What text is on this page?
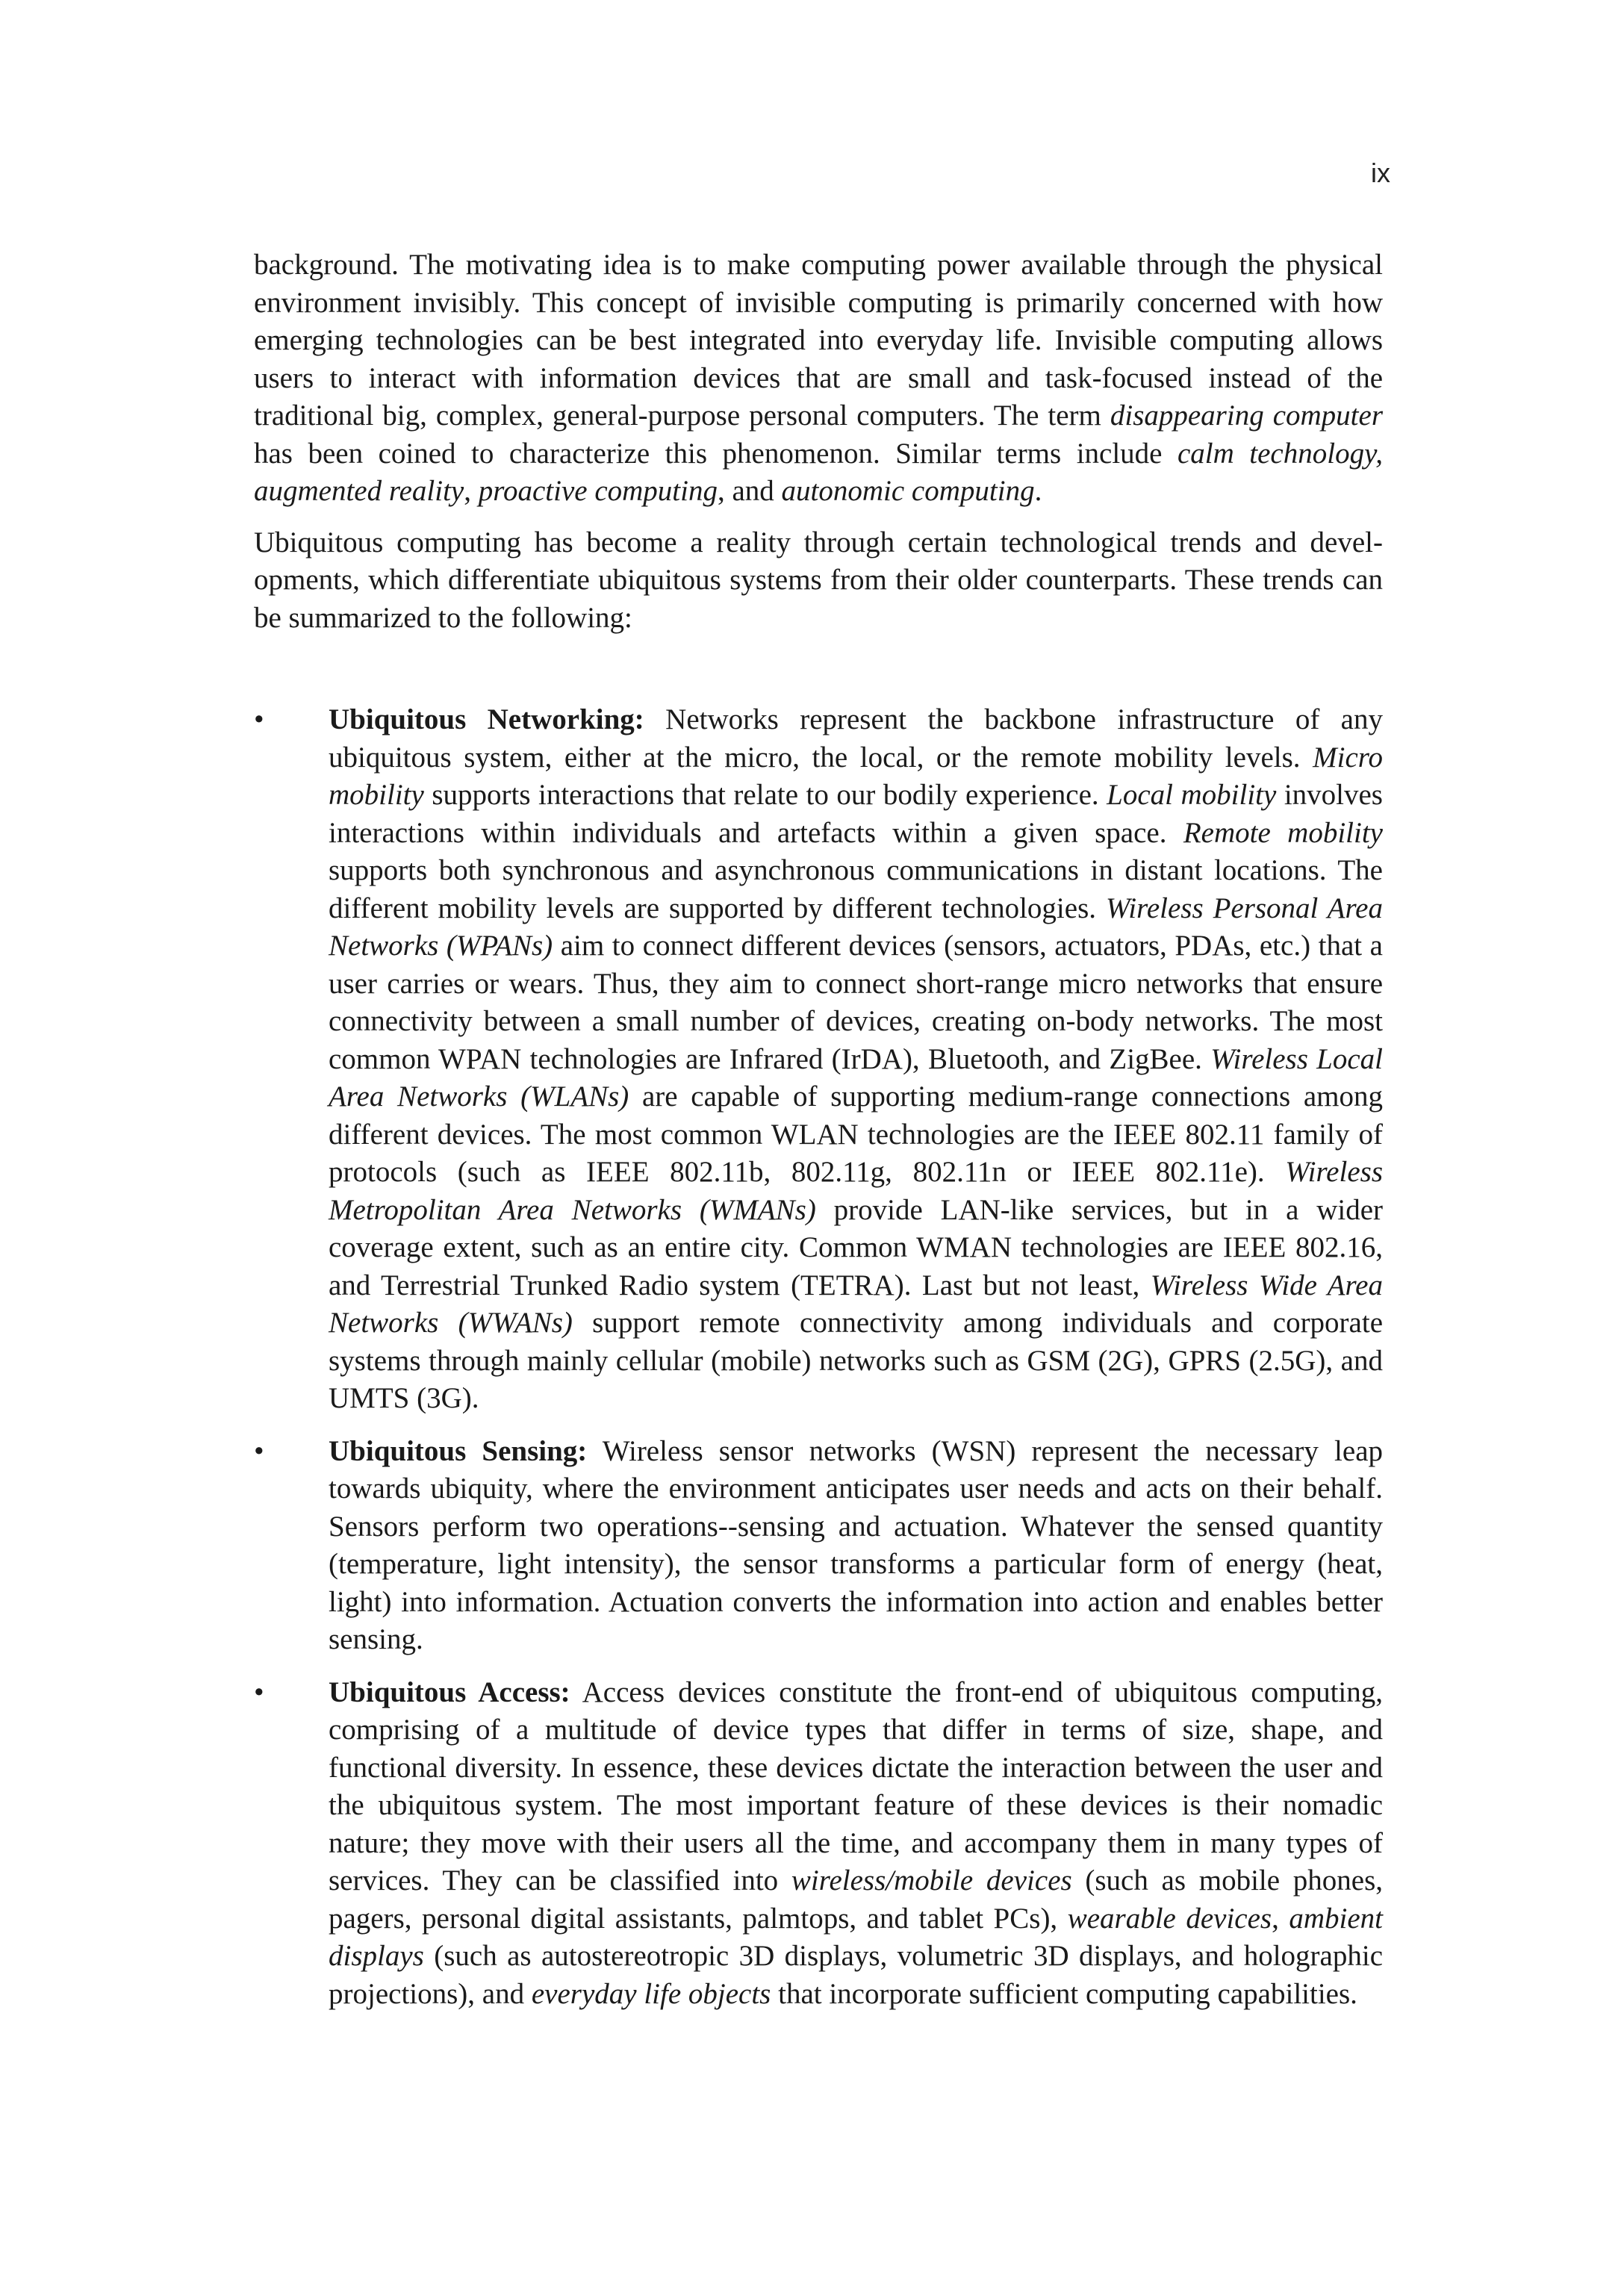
ix

background. The motivating idea is to make computing power available through the physical environment invisibly. This concept of invisible computing is primarily concerned with how emerging technologies can be best integrated into everyday life. Invisible computing allows users to interact with information devices that are small and task-focused instead of the traditional big, complex, general-purpose personal computers. The term disappearing computer has been coined to characterize this phenomenon. Similar terms include calm technology, augmented reality, proactive computing, and autonomic computing.

Ubiquitous computing has become a reality through certain technological trends and developments, which differentiate ubiquitous systems from their older counterparts. These trends can be summarized to the following:

•	Ubiquitous Networking: Networks represent the backbone infrastructure of any ubiquitous system, either at the micro, the local, or the remote mobility levels. Micro mobility supports interactions that relate to our bodily experience. Local mobility involves interactions within individuals and artefacts within a given space. Remote mobility supports both synchronous and asynchronous communications in distant locations. The different mobility levels are supported by different technologies. Wireless Personal Area Networks (WPANs) aim to connect different devices (sensors, actuators, PDAs, etc.) that a user carries or wears. Thus, they aim to connect short-range micro networks that ensure connectivity between a small number of devices, creating on-body networks. The most common WPAN technologies are Infrared (IrDA), Bluetooth, and ZigBee. Wireless Local Area Networks (WLANs) are capable of supporting medium-range connections among different devices. The most common WLAN technologies are the IEEE 802.11 family of protocols (such as IEEE 802.11b, 802.11g, 802.11n or IEEE 802.11e). Wireless Metropolitan Area Networks (WMANs) provide LAN-like services, but in a wider coverage extent, such as an entire city. Common WMAN technologies are IEEE 802.16, and Terrestrial Trunked Radio system (TETRA). Last but not least, Wireless Wide Area Networks (WWANs) support remote connectivity among individuals and corporate systems through mainly cellular (mobile) networks such as GSM (2G), GPRS (2.5G), and UMTS (3G).

•	Ubiquitous Sensing: Wireless sensor networks (WSN) represent the necessary leap towards ubiquity, where the environment anticipates user needs and acts on their behalf. Sensors perform two operations--sensing and actuation. Whatever the sensed quantity (temperature, light intensity), the sensor transforms a particular form of energy (heat, light) into information. Actuation converts the information into action and enables better sensing.

•	Ubiquitous Access: Access devices constitute the front-end of ubiquitous computing, comprising of a multitude of device types that differ in terms of size, shape, and functional diversity. In essence, these devices dictate the interaction between the user and the ubiquitous system. The most important feature of these devices is their nomadic nature; they move with their users all the time, and accompany them in many types of services. They can be classified into wireless/mobile devices (such as mobile phones, pagers, personal digital assistants, palmtops, and tablet PCs), wearable devices, ambient displays (such as autostereotropic 3D displays, volumetric 3D displays, and holographic projections), and everyday life objects that incorporate sufficient computing capabilities.
